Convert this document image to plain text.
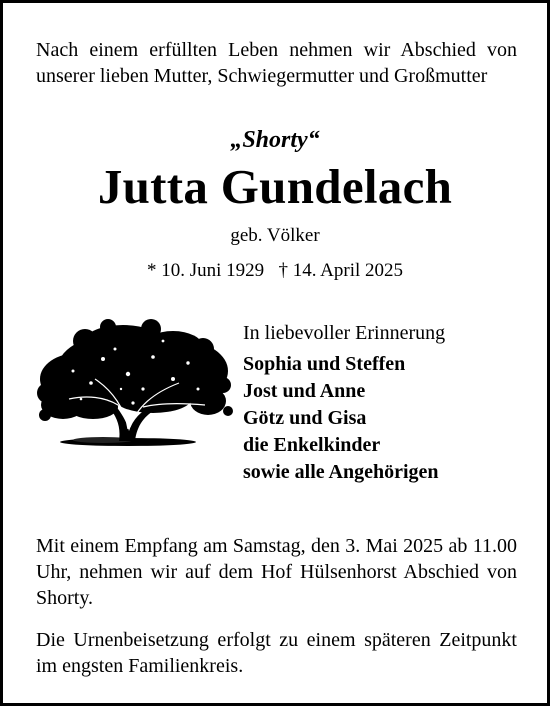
Nach einem erfüllten Leben nehmen wir Abschied von unserer lieben Mutter, Schwiegermutter und Großmutter

„Shorty“
Jutta Gundelach
geb. Völker
* 10. Juni 1929 † 14. April 2025
In liebevoller Erinnerung
Sophia und Steffen
Jost und Anne
Götz und Gisa
die Enkelkinder
sowie alle Angehörigen

Mit einem Empfang am Samstag, den 3. Mai 2025 ab 11.00 Uhr, nehmen wir auf dem Hof Hülsenhorst Abschied von Shorty.

Die Urnenbeisetzung erfolgt zu einem späteren Zeitpunkt im engsten Familienkreis.
